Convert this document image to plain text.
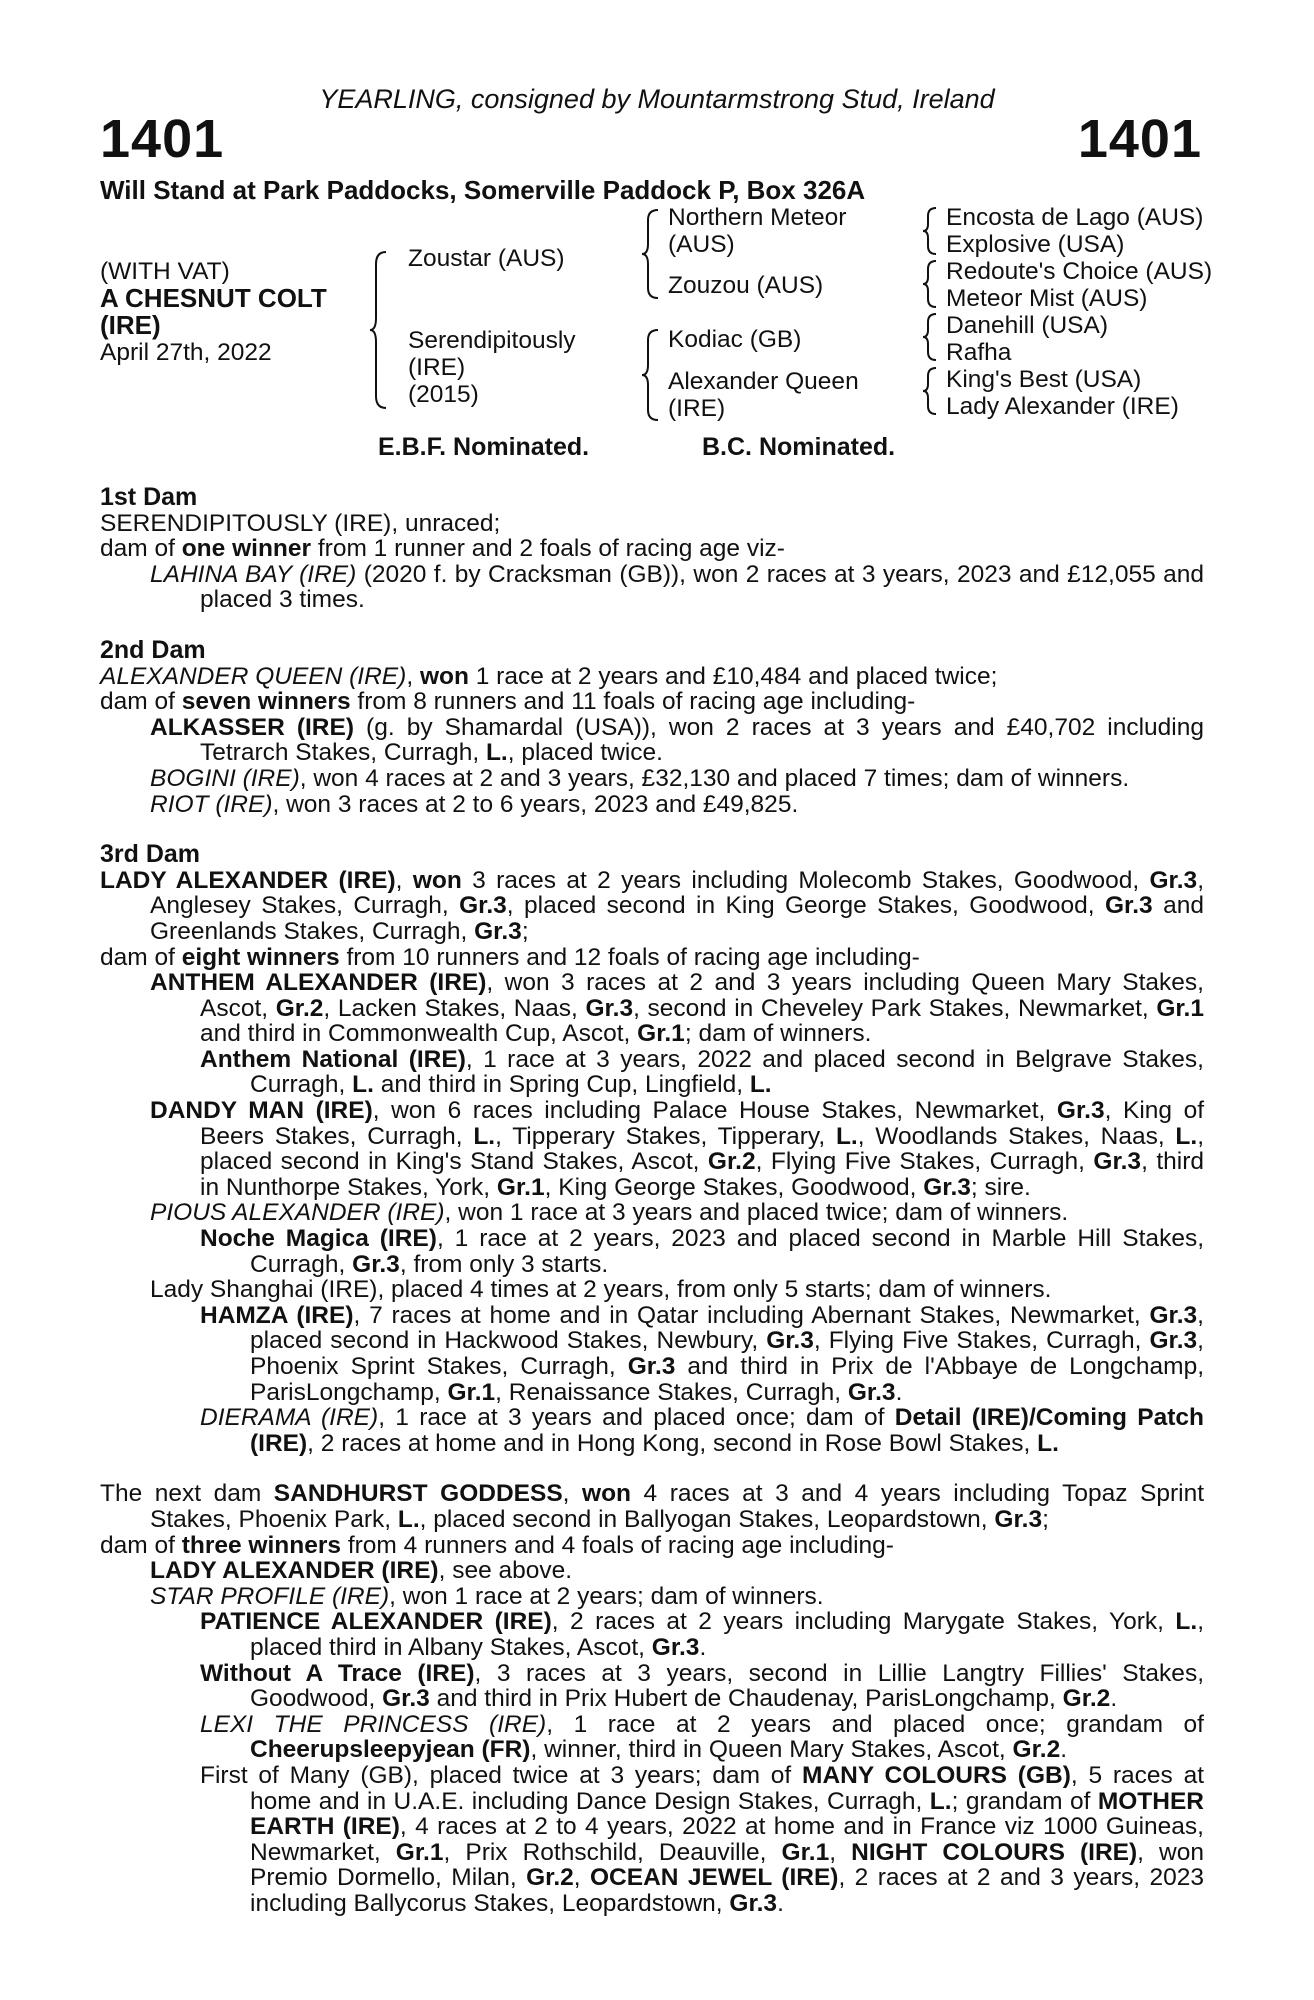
YEARLING, consigned by Mountarmstrong Stud, Ireland
1401	1401
Will Stand at Park Paddocks, Somerville Paddock P, Box 326A
(WITH VAT)
A CHESNUT COLT
(IRE)
April 27th, 2022
Zoustar (AUS)
Serendipitously
(IRE)
(2015)
Northern Meteor
(AUS)
Zouzou (AUS)
Kodiac (GB)
Alexander Queen
(IRE)
Encosta de Lago (AUS)
Explosive (USA)
Redoute's Choice (AUS)
Meteor Mist (AUS)
Danehill (USA)
Rafha
King's Best (USA)
Lady Alexander (IRE)
E.B.F. Nominated.	B.C. Nominated.
1st Dam
SERENDIPITOUSLY (IRE), unraced;
dam of one winner from 1 runner and 2 foals of racing age viz-
LAHINA BAY (IRE) (2020 f. by Cracksman (GB)), won 2 races at 3 years, 2023 and £12,055 and placed 3 times.
2nd Dam
ALEXANDER QUEEN (IRE), won 1 race at 2 years and £10,484 and placed twice;
dam of seven winners from 8 runners and 11 foals of racing age including-
ALKASSER (IRE) (g. by Shamardal (USA)), won 2 races at 3 years and £40,702 including Tetrarch Stakes, Curragh, L., placed twice.
BOGINI (IRE), won 4 races at 2 and 3 years, £32,130 and placed 7 times; dam of winners.
RIOT (IRE), won 3 races at 2 to 6 years, 2023 and £49,825.
3rd Dam
LADY ALEXANDER (IRE), won 3 races at 2 years including Molecomb Stakes, Goodwood, Gr.3, Anglesey Stakes, Curragh, Gr.3, placed second in King George Stakes, Goodwood, Gr.3 and Greenlands Stakes, Curragh, Gr.3;
dam of eight winners from 10 runners and 12 foals of racing age including-
ANTHEM ALEXANDER (IRE), won 3 races at 2 and 3 years including Queen Mary Stakes, Ascot, Gr.2, Lacken Stakes, Naas, Gr.3, second in Cheveley Park Stakes, Newmarket, Gr.1 and third in Commonwealth Cup, Ascot, Gr.1; dam of winners.
Anthem National (IRE), 1 race at 3 years, 2022 and placed second in Belgrave Stakes, Curragh, L. and third in Spring Cup, Lingfield, L.
DANDY MAN (IRE), won 6 races including Palace House Stakes, Newmarket, Gr.3, King of Beers Stakes, Curragh, L., Tipperary Stakes, Tipperary, L., Woodlands Stakes, Naas, L., placed second in King's Stand Stakes, Ascot, Gr.2, Flying Five Stakes, Curragh, Gr.3, third in Nunthorpe Stakes, York, Gr.1, King George Stakes, Goodwood, Gr.3; sire.
PIOUS ALEXANDER (IRE), won 1 race at 3 years and placed twice; dam of winners.
Noche Magica (IRE), 1 race at 2 years, 2023 and placed second in Marble Hill Stakes, Curragh, Gr.3, from only 3 starts.
Lady Shanghai (IRE), placed 4 times at 2 years, from only 5 starts; dam of winners.
HAMZA (IRE), 7 races at home and in Qatar including Abernant Stakes, Newmarket, Gr.3, placed second in Hackwood Stakes, Newbury, Gr.3, Flying Five Stakes, Curragh, Gr.3, Phoenix Sprint Stakes, Curragh, Gr.3 and third in Prix de l'Abbaye de Longchamp, ParisLongchamp, Gr.1, Renaissance Stakes, Curragh, Gr.3.
DIERAMA (IRE), 1 race at 3 years and placed once; dam of Detail (IRE)/Coming Patch (IRE), 2 races at home and in Hong Kong, second in Rose Bowl Stakes, L.
The next dam SANDHURST GODDESS, won 4 races at 3 and 4 years including Topaz Sprint Stakes, Phoenix Park, L., placed second in Ballyogan Stakes, Leopardstown, Gr.3;
dam of three winners from 4 runners and 4 foals of racing age including-
LADY ALEXANDER (IRE), see above.
STAR PROFILE (IRE), won 1 race at 2 years; dam of winners.
PATIENCE ALEXANDER (IRE), 2 races at 2 years including Marygate Stakes, York, L., placed third in Albany Stakes, Ascot, Gr.3.
Without A Trace (IRE), 3 races at 3 years, second in Lillie Langtry Fillies' Stakes, Goodwood, Gr.3 and third in Prix Hubert de Chaudenay, ParisLongchamp, Gr.2.
LEXI THE PRINCESS (IRE), 1 race at 2 years and placed once; grandam of Cheerupsleepyjean (FR), winner, third in Queen Mary Stakes, Ascot, Gr.2.
First of Many (GB), placed twice at 3 years; dam of MANY COLOURS (GB), 5 races at home and in U.A.E. including Dance Design Stakes, Curragh, L.; grandam of MOTHER EARTH (IRE), 4 races at 2 to 4 years, 2022 at home and in France viz 1000 Guineas, Newmarket, Gr.1, Prix Rothschild, Deauville, Gr.1, NIGHT COLOURS (IRE), won Premio Dormello, Milan, Gr.2, OCEAN JEWEL (IRE), 2 races at 2 and 3 years, 2023 including Ballycorus Stakes, Leopardstown, Gr.3.
